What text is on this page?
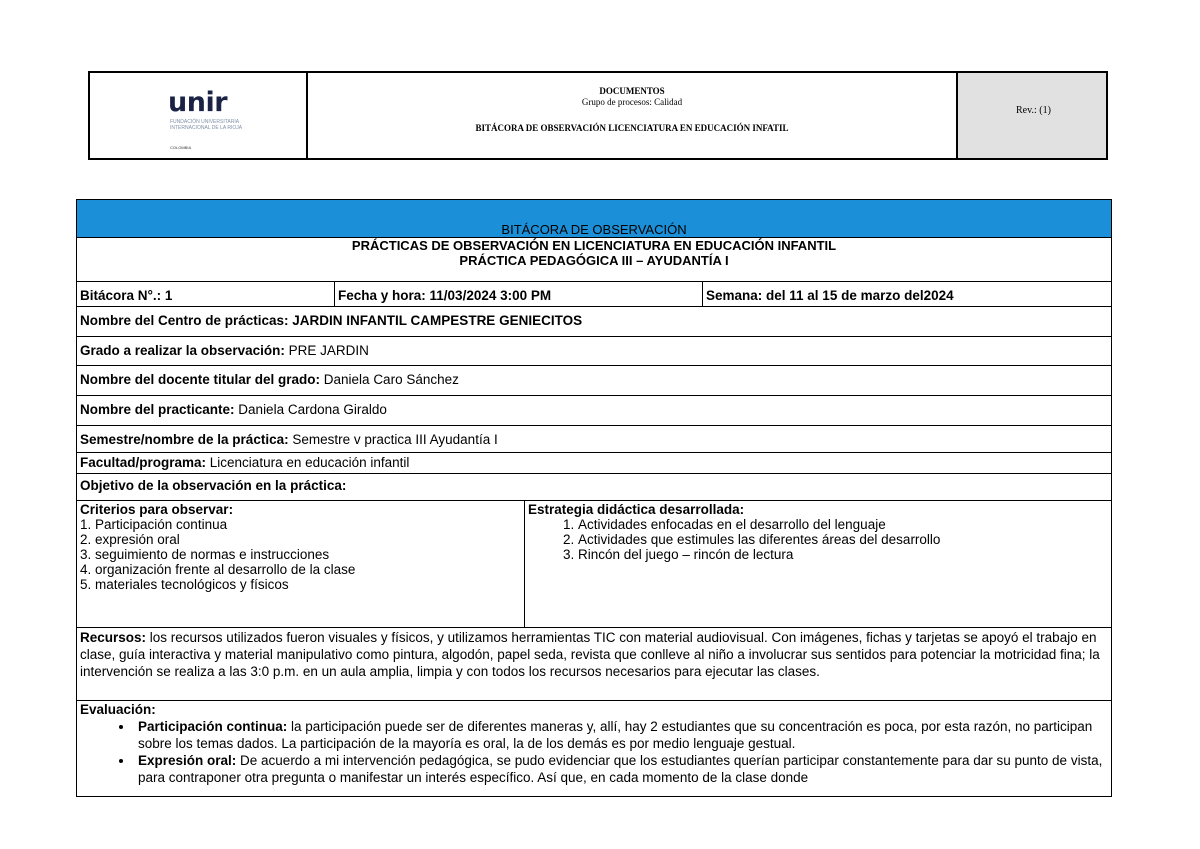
unir
FUNDACIÓN UNIVERSITARIA INTERNACIONAL DE LA RIOJA
COLOMBIA
DOCUMENTOS
Grupo de procesos: Calidad
BITÁCORA DE OBSERVACIÓN LICENCIATURA EN EDUCACIÓN INFATIL
Rev.: (1)
BITÁCORA DE OBSERVACIÓN
PRÁCTICAS DE OBSERVACIÓN EN LICENCIATURA EN EDUCACIÓN INFANTIL
PRÁCTICA PEDAGÓGICA III – AYUDANTÍA I
Bitácora N°.: 1	Fecha y hora: 11/03/2024 3:00 PM	Semana: del 11 al 15 de marzo del2024
Nombre del Centro de prácticas: JARDIN INFANTIL CAMPESTRE GENIECITOS
Grado a realizar la observación: PRE JARDIN
Nombre del docente titular del grado: Daniela Caro Sánchez
Nombre del practicante: Daniela Cardona Giraldo
Semestre/nombre de la práctica: Semestre v practica III Ayudantía I
Facultad/programa: Licenciatura en educación infantil
Objetivo de la observación en la práctica:
Criterios para observar:
1. Participación continua
2. expresión oral
3. seguimiento de normas e instrucciones
4. organización frente al desarrollo de la clase
5. materiales tecnológicos y físicos
Estrategia didáctica desarrollada:
1. Actividades enfocadas en el desarrollo del lenguaje
2. Actividades que estimules las diferentes áreas del desarrollo
3. Rincón del juego – rincón de lectura
Recursos: los recursos utilizados fueron visuales y físicos, y utilizamos herramientas TIC con material audiovisual. Con imágenes, fichas y tarjetas se apoyó el trabajo en clase, guía interactiva y material manipulativo como pintura, algodón, papel seda, revista que conlleve al niño a involucrar sus sentidos para potenciar la motricidad fina; la intervención se realiza a las 3:0 p.m. en un aula amplia, limpia y con todos los recursos necesarios para ejecutar las clases.
Evaluación:
• Participación continua: la participación puede ser de diferentes maneras y, allí, hay 2 estudiantes que su concentración es poca, por esta razón, no participan sobre los temas dados. La participación de la mayoría es oral, la de los demás es por medio lenguaje gestual.
• Expresión oral: De acuerdo a mi intervención pedagógica, se pudo evidenciar que los estudiantes querían participar constantemente para dar su punto de vista, para contraponer otra pregunta o manifestar un interés específico. Así que, en cada momento de la clase donde
